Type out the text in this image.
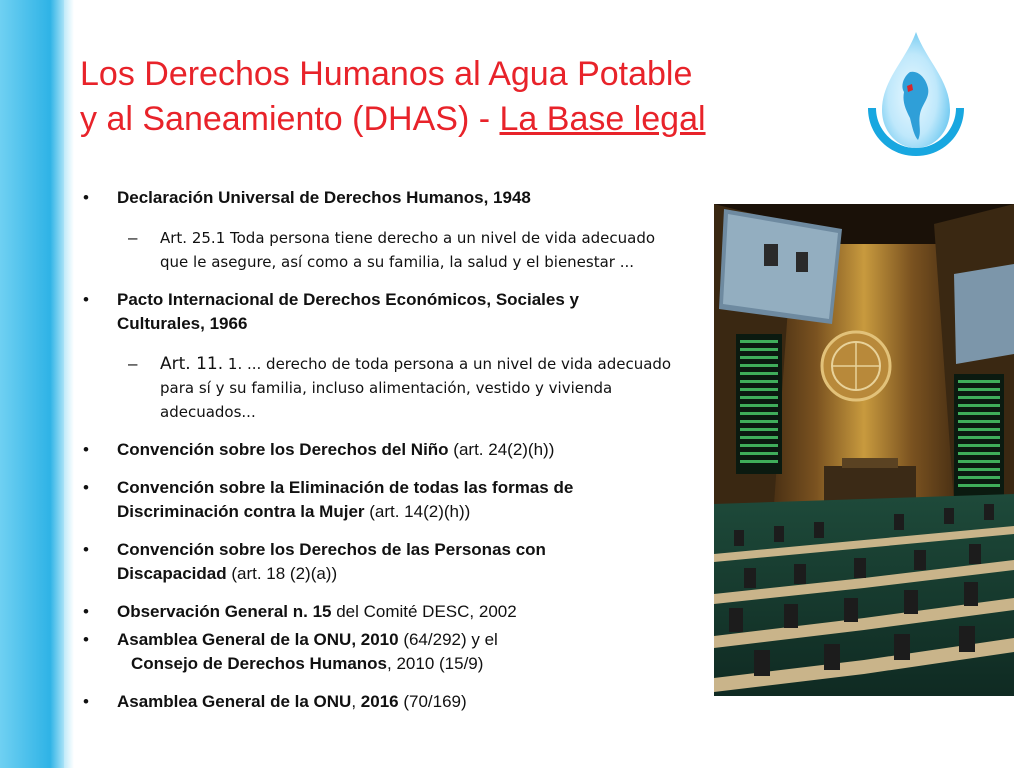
Los Derechos Humanos al Agua Potable
y al Saneamiento (DHAS) - La Base legal
• Declaración Universal de Derechos Humanos, 1948
– Art. 25.1 Toda persona tiene derecho a un nivel de vida adecuado
que le asegure, así como a su familia, la salud y el bienestar ...
• Pacto Internacional de Derechos Económicos, Sociales y
Culturales, 1966
– Art. 11. 1. ... derecho de toda persona a un nivel de vida adecuado
para sí y su familia, incluso alimentación, vestido y vivienda
adecuados...
• Convención sobre los Derechos del Niño (art. 24(2)(h))
• Convención sobre la Eliminación de todas las formas de
Discriminación contra la Mujer (art. 14(2)(h))
• Convención sobre los Derechos de las Personas con
Discapacidad (art. 18 (2)(a))
• Observación General n. 15 del Comité DESC, 2002
• Asamblea General de la ONU, 2010 (64/292) y el
Consejo de Derechos Humanos, 2010 (15/9)
• Asamblea General de la ONU, 2016 (70/169)
